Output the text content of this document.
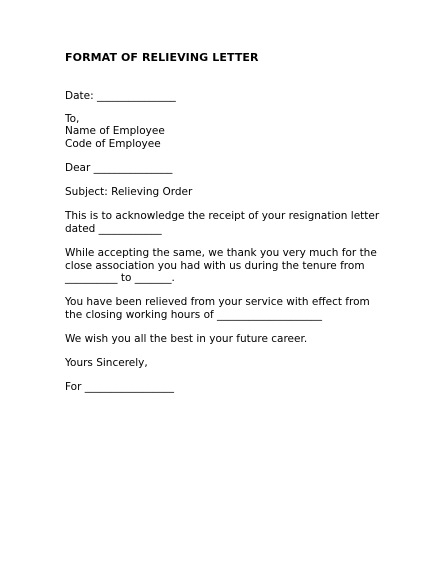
FORMAT OF RELIEVING LETTER
Date: _______________
To,
Name of Employee
Code of Employee
Dear _______________
Subject: Relieving Order
This is to acknowledge the receipt of your resignation letter
dated ____________
While accepting the same, we thank you very much for the
close association you had with us during the tenure from
__________ to _______.
You have been relieved from your service with effect from
the closing working hours of ____________________
We wish you all the best in your future career.
Yours Sincerely,
For _________________
